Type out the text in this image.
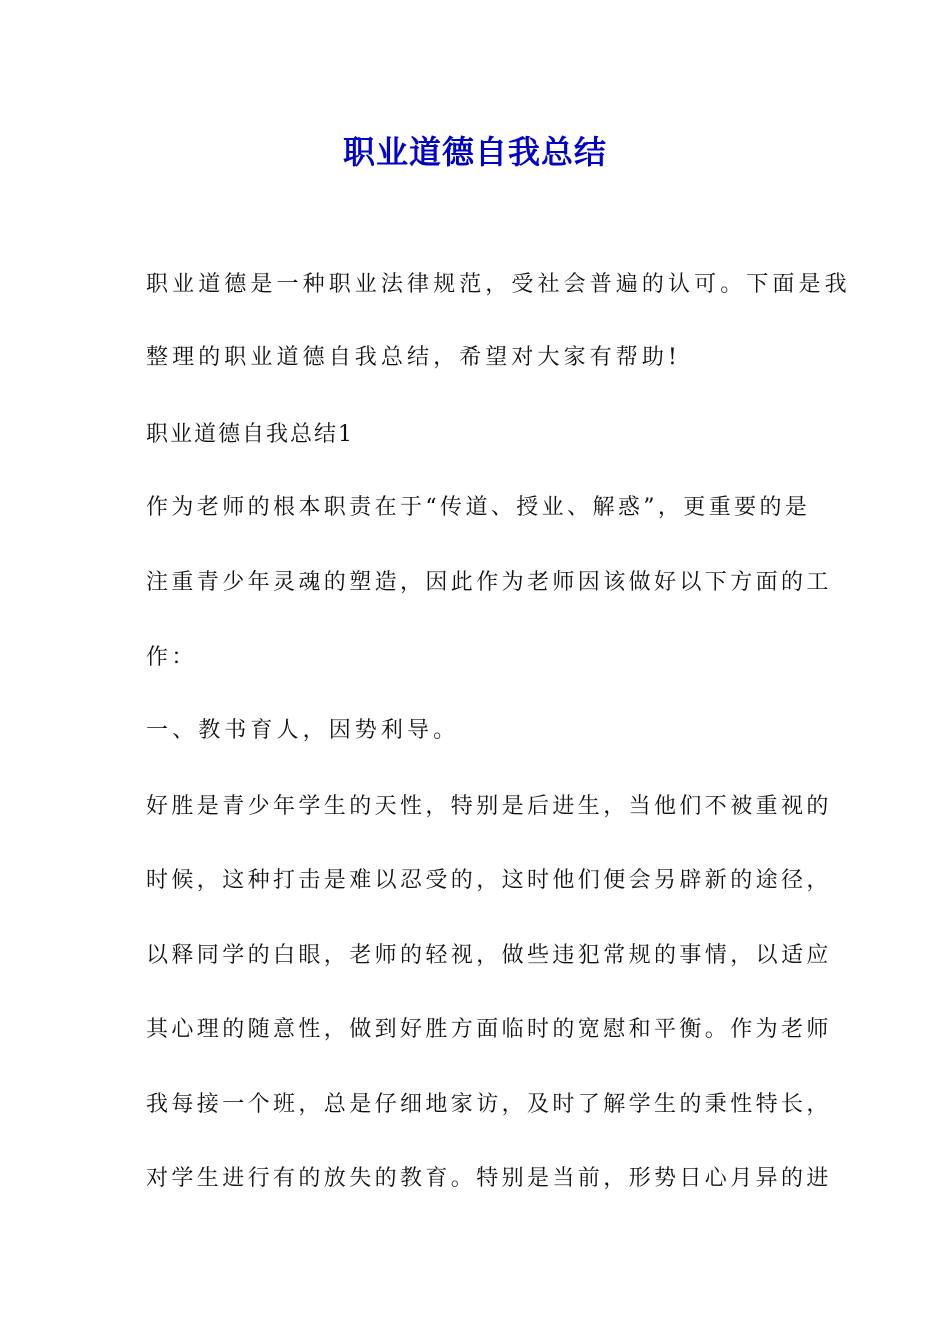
职业道德自我总结
职业道德是一种职业法律规范，受社会普遍的认可。下面是我
整理的职业道德自我总结，希望对大家有帮助!
职业道德自我总结1
作为老师的根本职责在于“传道、授业、解惑”，更重要的是
注重青少年灵魂的塑造，因此作为老师因该做好以下方面的工
作：
一、教书育人，因势利导。
好胜是青少年学生的天性，特别是后进生，当他们不被重视的
时候，这种打击是难以忍受的，这时他们便会另辟新的途径，
以释同学的白眼，老师的轻视，做些违犯常规的事情，以适应
其心理的随意性，做到好胜方面临时的宽慰和平衡。作为老师
我每接一个班，总是仔细地家访，及时了解学生的秉性特长，
对学生进行有的放失的教育。特别是当前，形势日心月异的进
